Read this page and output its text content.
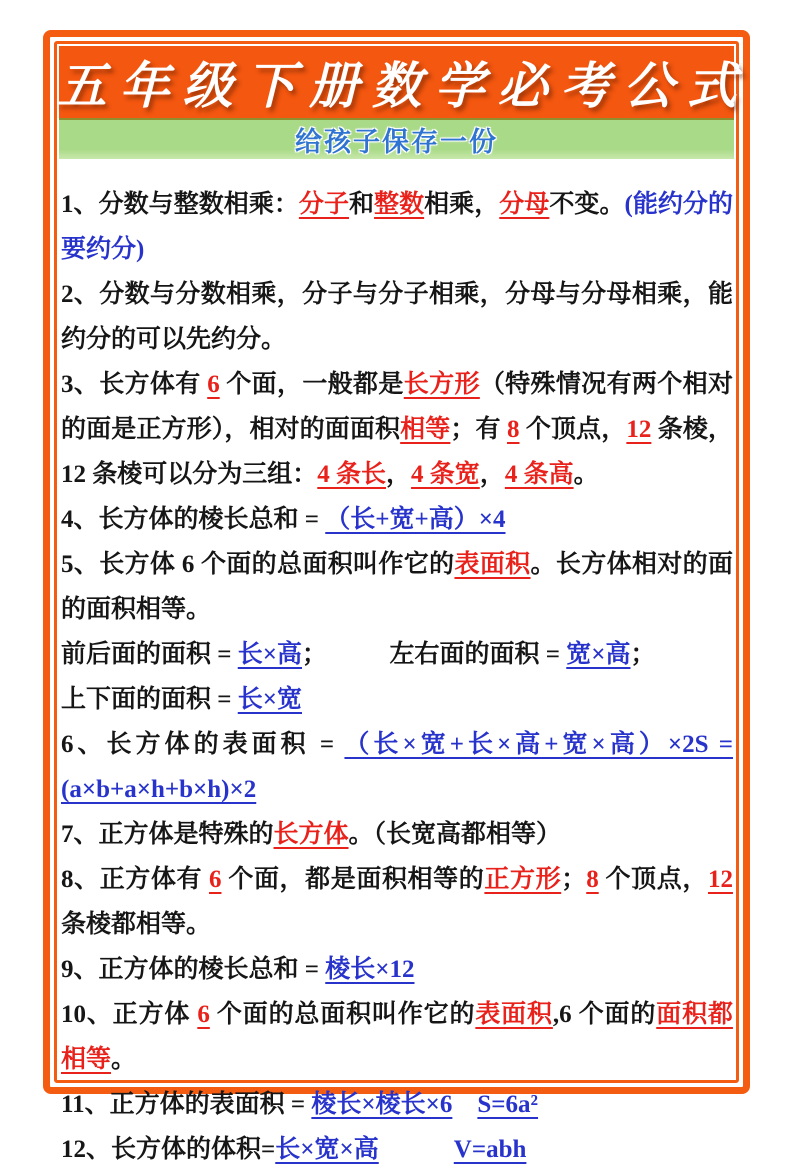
五年级下册数学必考公式
给孩子保存一份

1、分数与整数相乘：分子和整数相乘，分母不变。(能约分的要约分)

2、分数与分数相乘，分子与分子相乘，分母与分母相乘，能约分的可以先约分。

3、长方体有 6 个面，一般都是长方形（特殊情况有两个相对的面是正方形），相对的面面积相等；有 8 个顶点，12 条棱，12 条棱可以分为三组：4 条长，4 条宽，4 条高。

4、长方体的棱长总和 = （长+宽+高）×4

5、长方体 6 个面的总面积叫作它的表面积。长方体相对的面的面积相等。

前后面的面积 = 长×高；　　　左右面的面积 = 宽×高；

上下面的面积 = 长×宽

6、长方体的表面积 = （长×宽+长×高+宽×高）×2S = (a×b+a×h+b×h)×2

7、正方体是特殊的长方体。（长宽高都相等）

8、正方体有 6 个面，都是面积相等的正方形；8 个顶点，12 条棱都相等。

9、正方体的棱长总和 = 棱长×12

10、正方体 6 个面的总面积叫作它的表面积,6 个面的面积都相等。

11、正方体的表面积 = 棱长×棱长×6　 S=6a²

12、长方体的体积=长×宽×高　　　	V=abh
